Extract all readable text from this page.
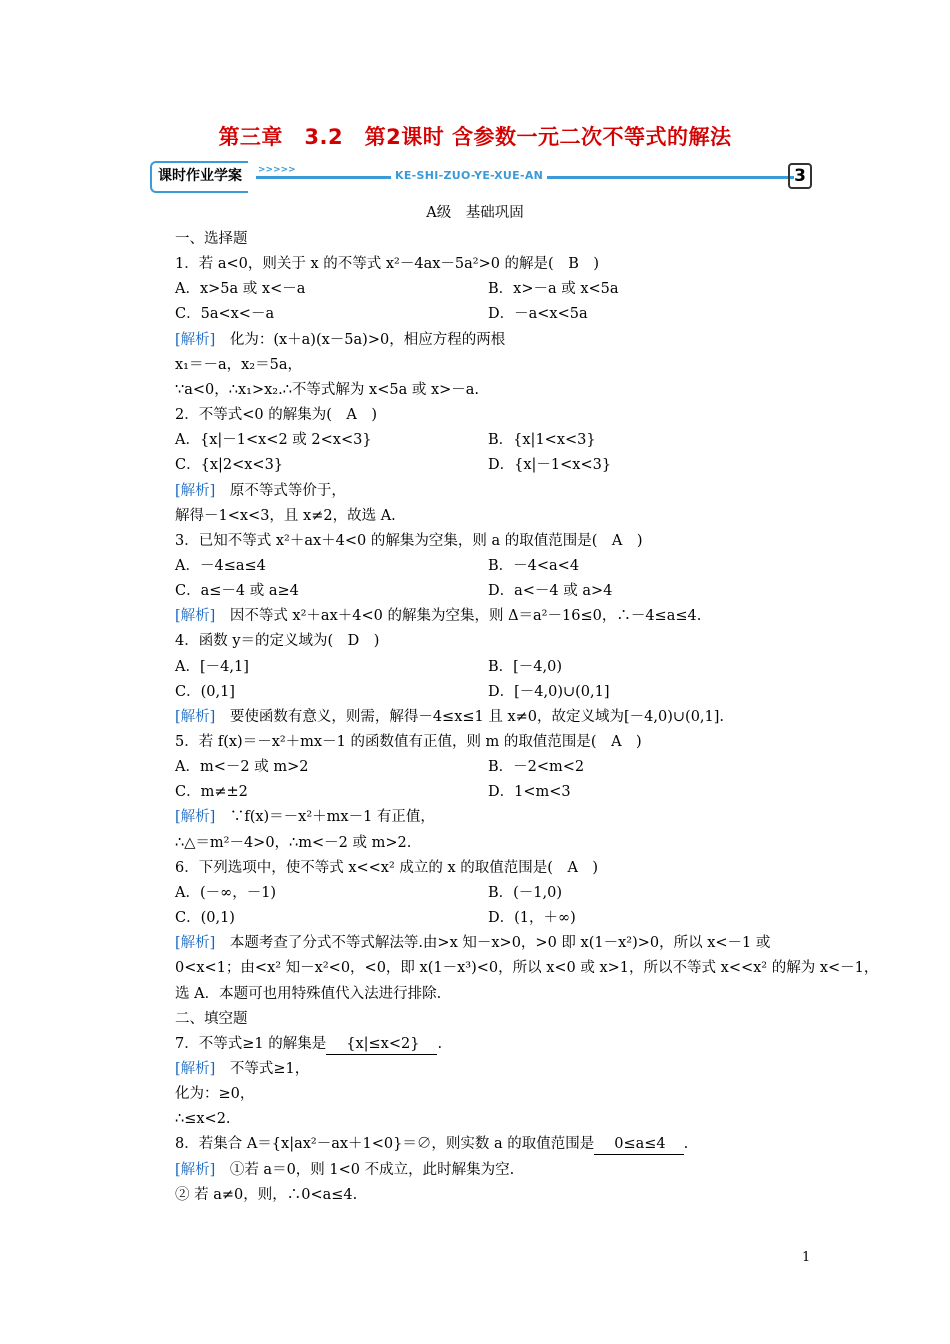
第三章　3.2　第2课时 含参数一元二次不等式的解法
课时作业学案	>>>>>	KE-SHI-ZUO-YE-XUE-AN	3
A级　基础巩固
一、选择题
1．若 a<0，则关于 x 的不等式 x²－4ax－5a²>0 的解是(　B　)
A．x>5a 或 x<－a	B．x>－a 或 x<5a
C．5a<x<－a	D．－a<x<5a
[解析]　化为：(x＋a)(x－5a)>0，相应方程的两根
x₁＝－a，x₂＝5a，
∵a<0，∴x₁>x₂.∴不等式解为 x<5a 或 x>－a.
2．不等式<0 的解集为(　A　)
A．{x|－1<x<2 或 2<x<3}	B．{x|1<x<3}
C．{x|2<x<3}	D．{x|－1<x<3}
[解析]　原不等式等价于，
解得－1<x<3，且 x≠2，故选 A.
3．已知不等式 x²＋ax＋4<0 的解集为空集，则 a 的取值范围是(　A　)
A．－4≤a≤4	B．－4<a<4
C．a≤－4 或 a≥4	D．a<－4 或 a>4
[解析]　因不等式 x²＋ax＋4<0 的解集为空集，则 Δ＝a²－16≤0，∴－4≤a≤4.
4．函数 y＝的定义域为(　D　)
A．[－4,1]	B．[－4,0)
C．(0,1]	D．[－4,0)∪(0,1]
[解析]　要使函数有意义，则需，解得－4≤x≤1 且 x≠0，故定义域为[－4,0)∪(0,1].
5．若 f(x)＝－x²＋mx－1 的函数值有正值，则 m 的取值范围是(　A　)
A．m<－2 或 m>2	B．－2<m<2
C．m≠±2	D．1<m<3
[解析]　∵f(x)＝－x²＋mx－1 有正值，
∴△＝m²－4>0，∴m<－2 或 m>2.
6．下列选项中，使不等式 x<<x² 成立的 x 的取值范围是(　A　)
A．(－∞，－1)	B．(－1,0)
C．(0,1)	D．(1，＋∞)
[解析]　本题考查了分式不等式解法等.由>x 知－x>0，>0 即 x(1－x²)>0，所以 x<－1 或
0<x<1；由<x² 知－x²<0，<0，即 x(1－x³)<0，所以 x<0 或 x>1，所以不等式 x<<x² 的解为 x<－1，
选 A．本题可也用特殊值代入法进行排除.
二、填空题
7．不等式≥1 的解集是 {x|≤x<2} .
[解析]　不等式≥1，
化为：≥0，
∴≤x<2.
8．若集合 A＝{x|ax²－ax＋1<0}＝∅，则实数 a 的取值范围是 0≤a≤4 .
[解析]　①若 a＝0，则 1<0 不成立，此时解集为空.
② 若 a≠0，则，∴0<a≤4.
1
